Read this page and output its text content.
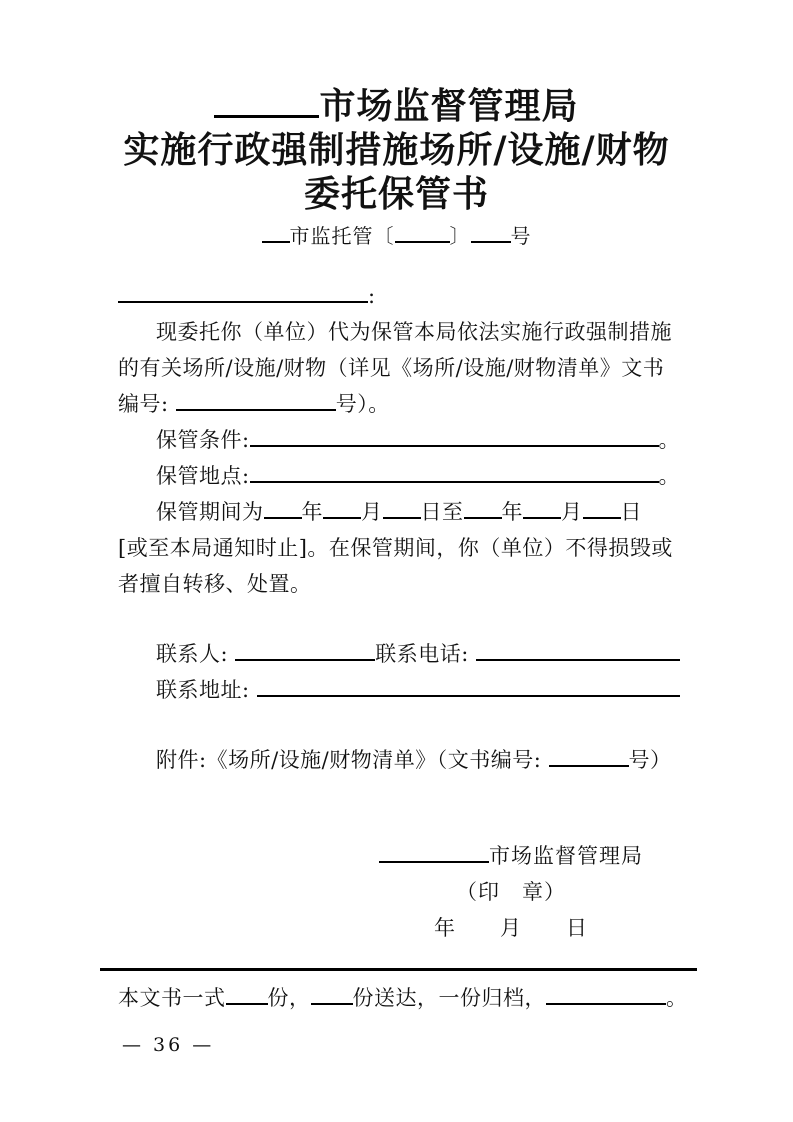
市场监督管理局
实施行政强制措施场所/设施/财物
委托保管书
市监托管〔	〕 号
:
现委托你（单位）代为保管本局依法实施行政强制措施
的有关场所/设施/财物（详见《场所/设施/财物清单》文书
编号:	号）。
保管条件:	。
保管地点:	。
保管期间为 年 月 日至 年 月 日
[或至本局通知时止]。在保管期间，你（单位）不得损毁或
者擅自转移、处置。
联系人:
	联系电话:

联系地址:

附件:《场所/设施/财物清单》（文书编号:	号）
市场监督管理局
（印　章）
年　　月　　日
本文书一式 份， 份送达，一份归档，	。
— 36 —
